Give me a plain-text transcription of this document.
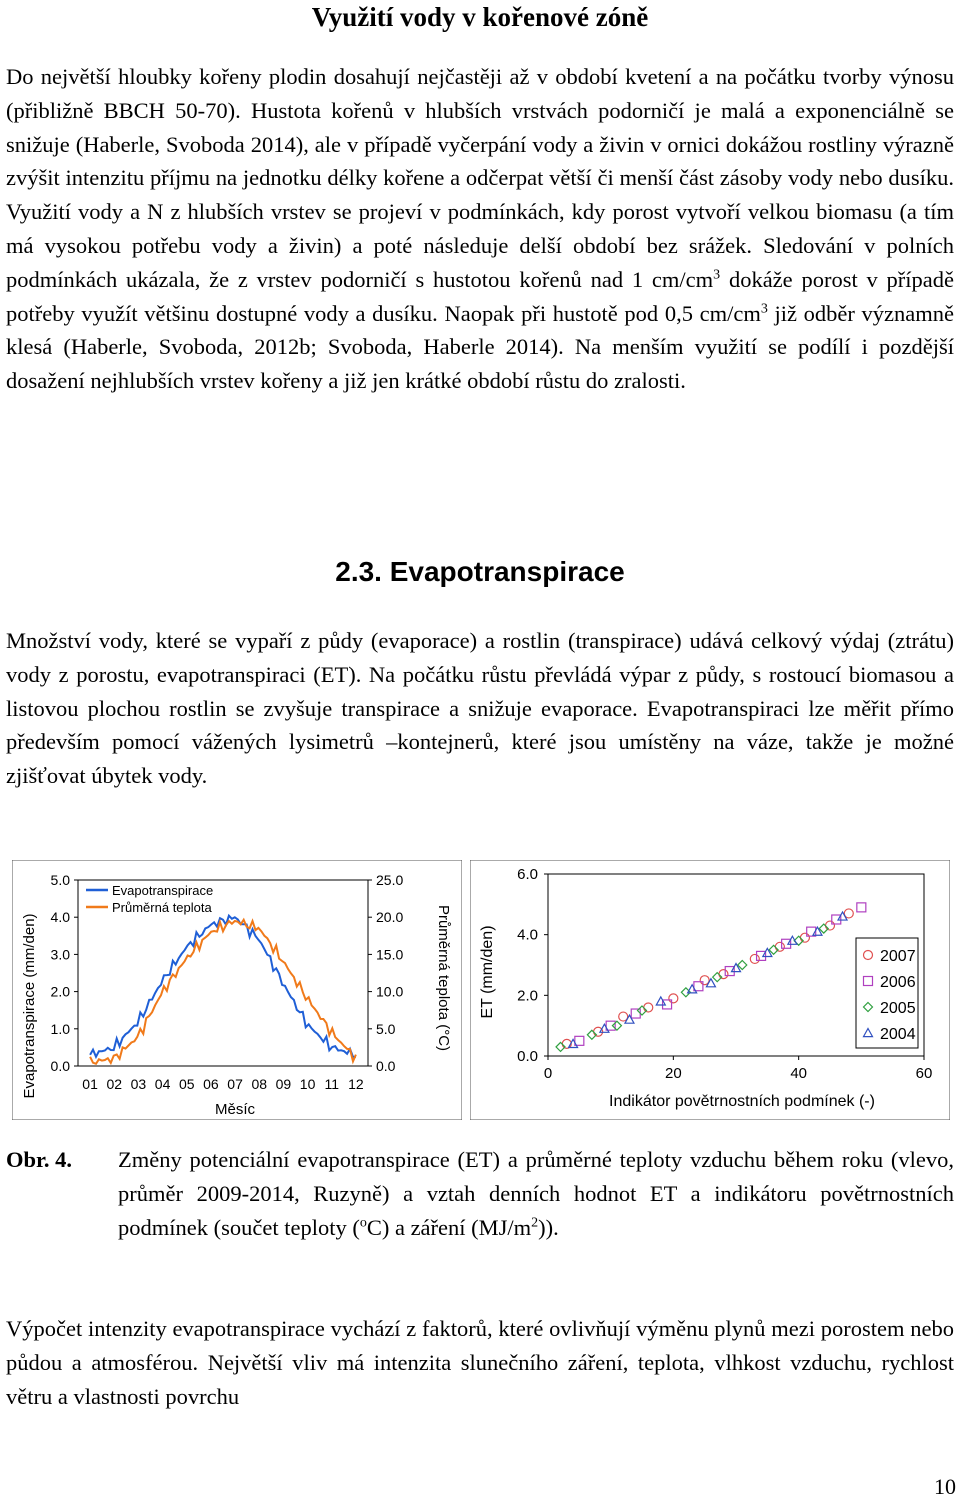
Využití vody v kořenové zóně

Do největší hloubky kořeny plodin dosahují nejčastěji až v období kvetení a na počátku tvorby výnosu (přibližně BBCH 50-70). Hustota kořenů v hlubších vrstvách podorničí je malá a exponenciálně se snižuje (Haberle, Svoboda 2014), ale v případě vyčerpání vody a živin v ornici dokážou rostliny výrazně zvýšit intenzitu příjmu na jednotku délky kořene a odčerpat větší či menší část zásoby vody nebo dusíku. Využití vody a N z hlubších vrstev se projeví v podmínkách, kdy porost vytvoří velkou biomasu (a tím má vysokou potřebu vody a živin) a poté následuje delší období bez srážek. Sledování v polních podmínkách ukázala, že z vrstev podorničí s hustotou kořenů nad 1 $cm/cm^3$ dokáže porost v případě potřeby využít většinu dostupné vody a dusíku. Naopak při hustotě pod 0,5 $cm/cm^3$ již odběr významně klesá (Haberle, Svoboda, 2012b; Svoboda, Haberle 2014). Na menším využití se podílí i pozdější dosažení nejhlubších vrstev kořeny a již jen krátké období růstu do zralosti.

2.3. Evapotranspirace

Množství vody, které se vypaří z půdy (evaporace) a rostlin (transpirace) udává celkový výdaj (ztrátu) vody z porostu, evapotranspiraci (ET). Na počátku růstu převládá výpar z půdy, s rostoucí biomasou a listovou plochou rostlin se zvyšuje transpirace a snižuje evaporace. Evapotranspiraci lze měřit přímo především pomocí vážených lysimetrů –kontejnerů, které jsou umístěny na váze, takže je možné zjišťovat úbytek vody.

5.0
4.0
3.0
2.0
1.0
0.0
25.0
20.0
15.0
10.0
5.0
0.0
01 02 03 04 05 06 07 08 09 10 11 12
Evapotranspirace
Průměrná teplota
Evapotranspirace (mm/den)	Průměrná teplota (°C)
Měsíc
6.0
4.0
2.0
0.0
0	20	40	60
2007
2006
2005
2004
ET (mm/den)
Indikátor povětrnostních podmínek (-)
Obr. 4. Změny potenciální evapotranspirace (ET) a průměrné teploty vzduchu během roku (vlevo, průměr 2009-2014, Ruzyně) a vztah denních hodnot ET a indikátoru povětrnostních podmínek (součet teploty ($^o$C) a záření $(MJ/m^2)$).

Výpočet intenzity evapotranspirace vychází z faktorů, které ovlivňují výměnu plynů mezi porostem nebo půdou a atmosférou. Největší vliv má intenzita slunečního záření, teplota, vlhkost vzduchu, rychlost větru a vlastnosti povrchu

10
